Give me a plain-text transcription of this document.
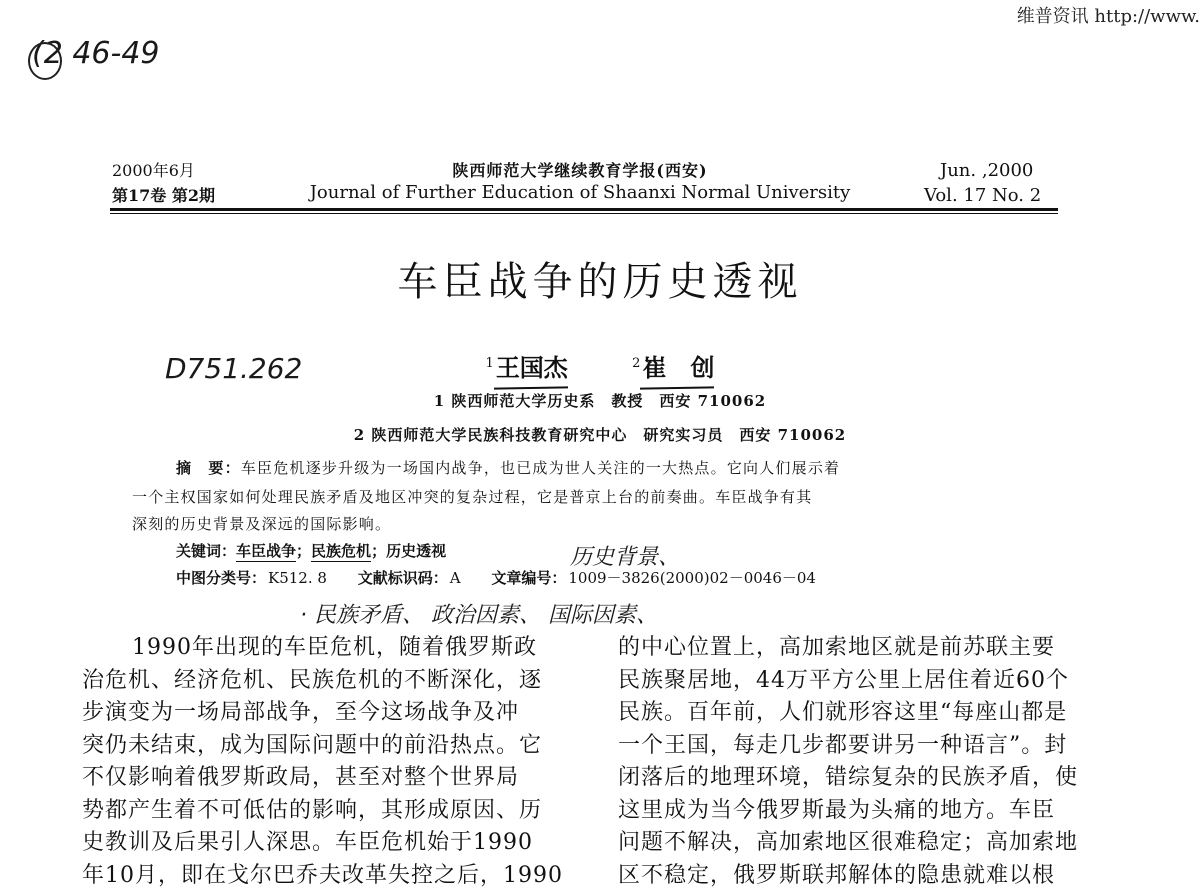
维普资讯 http://www.
(2 46-49
D751.262
历史背景、
· 民族矛盾、 政治因素、 国际因素、
2000年6月
第17卷 第2期
陕西师范大学继续教育学报(西安)
Journal of Further Education of Shaanxi Normal University
Jun. ,2000
Vol. 17 No. 2
车臣战争的历史透视
$^1$王国杰	$^2$崔　创
1 陕西师范大学历史系　教授　西安 710062
2 陕西师范大学民族科技教育研究中心　研究实习员　西安 710062
摘　要：车臣危机逐步升级为一场国内战争，也已成为世人关注的一大热点。它向人们展示着
一个主权国家如何处理民族矛盾及地区冲突的复杂过程，它是普京上台的前奏曲。车臣战争有其
深刻的历史背景及深远的国际影响。
关键词：车臣战争；民族危机；历史透视
中图分类号： K512. 8 文献标识码： A 文章编号： 1009－3826(2000)02－0046－04

1990年出现的车臣危机，随着俄罗斯政

治危机、经济危机、民族危机的不断深化，逐

步演变为一场局部战争，至今这场战争及冲

突仍未结束，成为国际问题中的前沿热点。它

不仅影响着俄罗斯政局，甚至对整个世界局

势都产生着不可低估的影响，其形成原因、历

史教训及后果引人深思。车臣危机始于1990

年10月，即在戈尔巴乔夫改革失控之后，1990

的中心位置上，高加索地区就是前苏联主要

民族聚居地，44万平方公里上居住着近60个

民族。百年前，人们就形容这里“每座山都是

一个王国，每走几步都要讲另一种语言”。封

闭落后的地理环境，错综复杂的民族矛盾，使

这里成为当今俄罗斯最为头痛的地方。车臣

问题不解决，高加索地区很难稳定；高加索地

区不稳定，俄罗斯联邦解体的隐患就难以根
